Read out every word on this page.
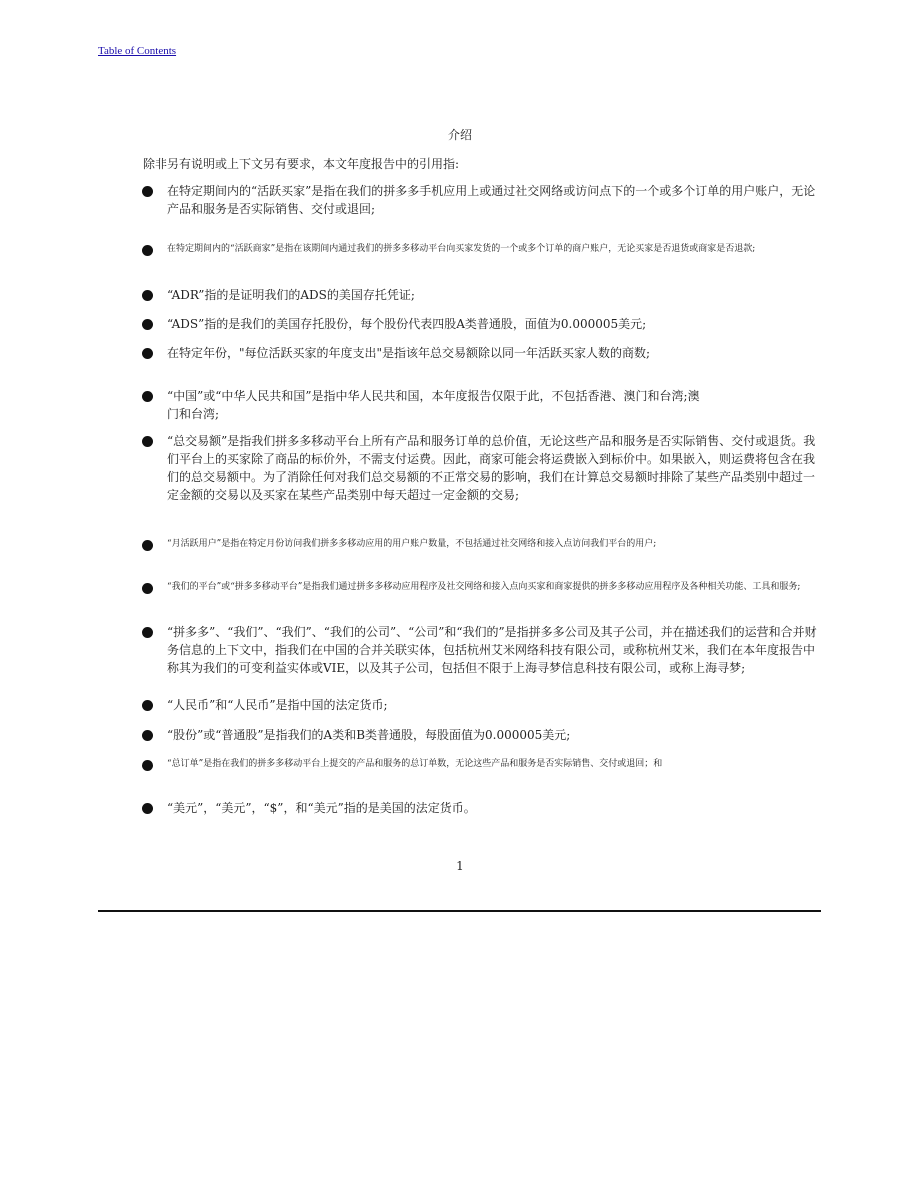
Table of Contents
介绍
除非另有说明或上下文另有要求，本文年度报告中的引用指:
在特定期间内的“活跃买家”是指在我们的拼多多手机应用上或通过社交网络或访问点下的一个或多个订单的用户账户，无论产品和服务是否实际销售、交付或退回;
在特定期间内的“活跃商家”是指在该期间内通过我们的拼多多移动平台向买家发货的一个或多个订单的商户账户，无论买家是否退货或商家是否退款;
“ADR”指的是证明我们的ADS的美国存托凭证;
“ADS”指的是我们的美国存托股份，每个股份代表四股A类普通股，面值为0.000005美元;
在特定年份，"每位活跃买家的年度支出"是指该年总交易额除以同一年活跃买家人数的商数;
“中国”或“中华人民共和国”是指中华人民共和国，本年度报告仅限于此，不包括香港、澳门和台湾;澳门和台湾;
“总交易额”是指我们拼多多移动平台上所有产品和服务订单的总价值，无论这些产品和服务是否实际销售、交付或退货。我们平台上的买家除了商品的标价外，不需支付运费。因此，商家可能会将运费嵌入到标价中。如果嵌入，则运费将包含在我们的总交易额中。为了消除任何对我们总交易额的不正常交易的影响，我们在计算总交易额时排除了某些产品类别中超过一定金额的交易以及买家在某些产品类别中每天超过一定金额的交易;
“月活跃用户”是指在特定月份访问我们拼多多移动应用的用户账户数量，不包括通过社交网络和接入点访问我们平台的用户;
“我们的平台”或“拼多多移动平台”是指我们通过拼多多移动应用程序及社交网络和接入点向买家和商家提供的拼多多移动应用程序及各种相关功能、工具和服务;
“拼多多”、“我们”、“我们”、“我们的公司”、“公司”和“我们的”是指拼多多公司及其子公司，并在描述我们的运营和合并财务信息的上下文中，指我们在中国的合并关联实体，包括杭州艾米网络科技有限公司，或称杭州艾米，我们在本年度报告中称其为我们的可变利益实体或VIE，以及其子公司，包括但不限于上海寻梦信息科技有限公司，或称上海寻梦;
“人民币”和“人民币”是指中国的法定货币;
“股份”或“普通股”是指我们的A类和B类普通股，每股面值为0.000005美元;
“总订单”是指在我们的拼多多移动平台上提交的产品和服务的总订单数，无论这些产品和服务是否实际销售、交付或退回；和
“美元”，“美元”，“$”，和“美元”指的是美国的法定货币。
1
